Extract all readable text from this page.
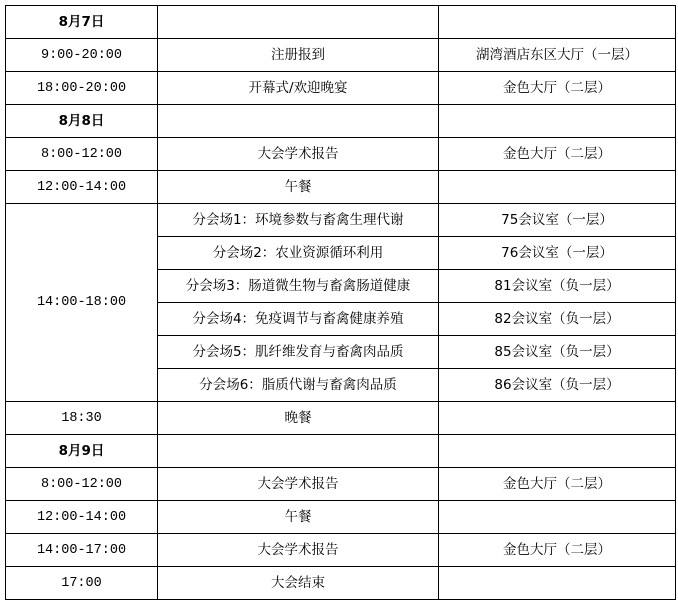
8月7日		
9:00-20:00	注册报到	湖湾酒店东区大厅（一层）
18:00-20:00	开幕式/欢迎晚宴	金色大厅（二层）
8月8日		
8:00-12:00	大会学术报告	金色大厅（二层）
12:00-14:00	午餐	
14:00-18:00	分会场1：环境参数与畜禽生理代谢	75会议室（一层）
	分会场2：农业资源循环利用	76会议室（一层）
	分会场3：肠道微生物与畜禽肠道健康	81会议室（负一层）
	分会场4：免疫调节与畜禽健康养殖	82会议室（负一层）
	分会场5：肌纤维发育与畜禽肉品质	85会议室（负一层）
	分会场6：脂质代谢与畜禽肉品质	86会议室（负一层）
18:30	晚餐	
8月9日		
8:00-12:00	大会学术报告	金色大厅（二层）
12:00-14:00	午餐	
14:00-17:00	大会学术报告	金色大厅（二层）
17:00	大会结束	
